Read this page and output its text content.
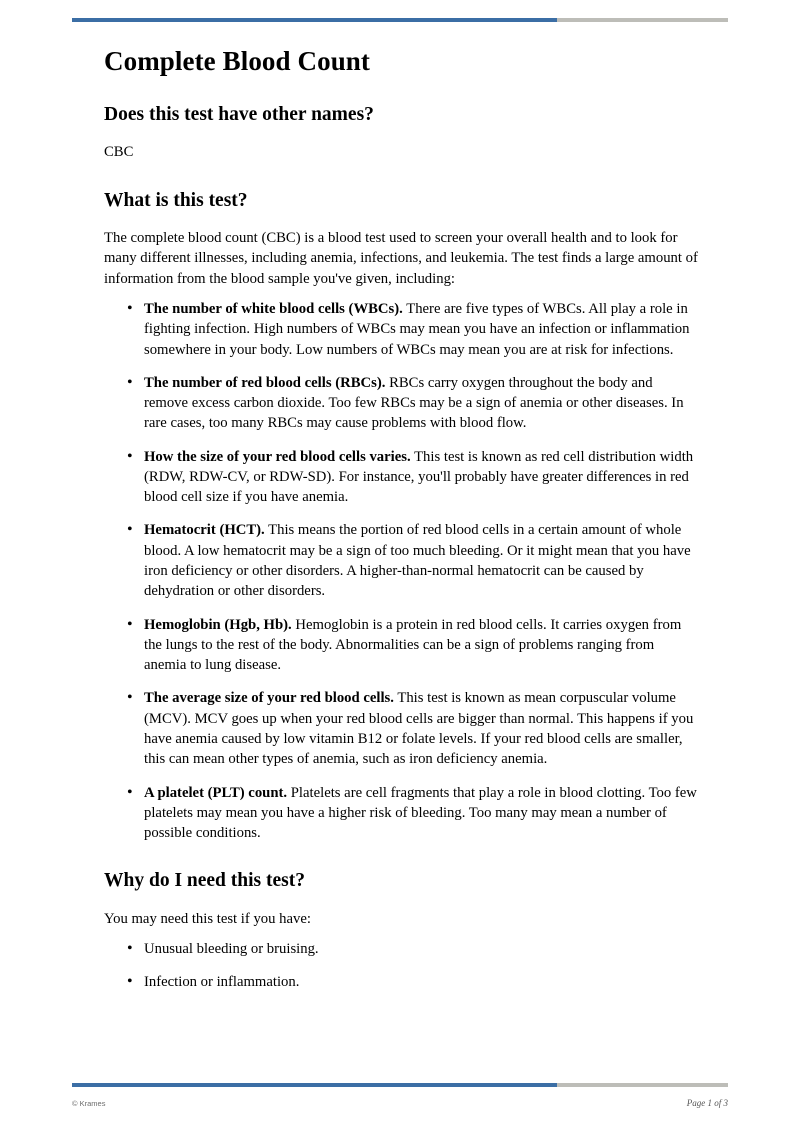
Complete Blood Count
Does this test have other names?

CBC

What is this test?

The complete blood count (CBC) is a blood test used to screen your overall health and to look for many different illnesses, including anemia, infections, and leukemia. The test finds a large amount of information from the blood sample you've given, including:

• The number of white blood cells (WBCs). There are five types of WBCs. All play a role in fighting infection. High numbers of WBCs may mean you have an infection or inflammation somewhere in your body. Low numbers of WBCs may mean you are at risk for infections.
• The number of red blood cells (RBCs). RBCs carry oxygen throughout the body and remove excess carbon dioxide. Too few RBCs may be a sign of anemia or other diseases. In rare cases, too many RBCs may cause problems with blood flow.
• How the size of your red blood cells varies. This test is known as red cell distribution width (RDW, RDW-CV, or RDW-SD). For instance, you'll probably have greater differences in red blood cell size if you have anemia.
• Hematocrit (HCT). This means the portion of red blood cells in a certain amount of whole blood. A low hematocrit may be a sign of too much bleeding. Or it might mean that you have iron deficiency or other disorders. A higher-than-normal hematocrit can be caused by dehydration or other disorders.
• Hemoglobin (Hgb, Hb). Hemoglobin is a protein in red blood cells. It carries oxygen from the lungs to the rest of the body. Abnormalities can be a sign of problems ranging from anemia to lung disease.
• The average size of your red blood cells. This test is known as mean corpuscular volume (MCV). MCV goes up when your red blood cells are bigger than normal. This happens if you have anemia caused by low vitamin B12 or folate levels. If your red blood cells are smaller, this can mean other types of anemia, such as iron deficiency anemia.
• A platelet (PLT) count. Platelets are cell fragments that play a role in blood clotting. Too few platelets may mean you have a higher risk of bleeding. Too many may mean a number of possible conditions.
Why do I need this test?

You may need this test if you have:

• Unusual bleeding or bruising.
• Infection or inflammation.
© Krames	Page 1 of 3
